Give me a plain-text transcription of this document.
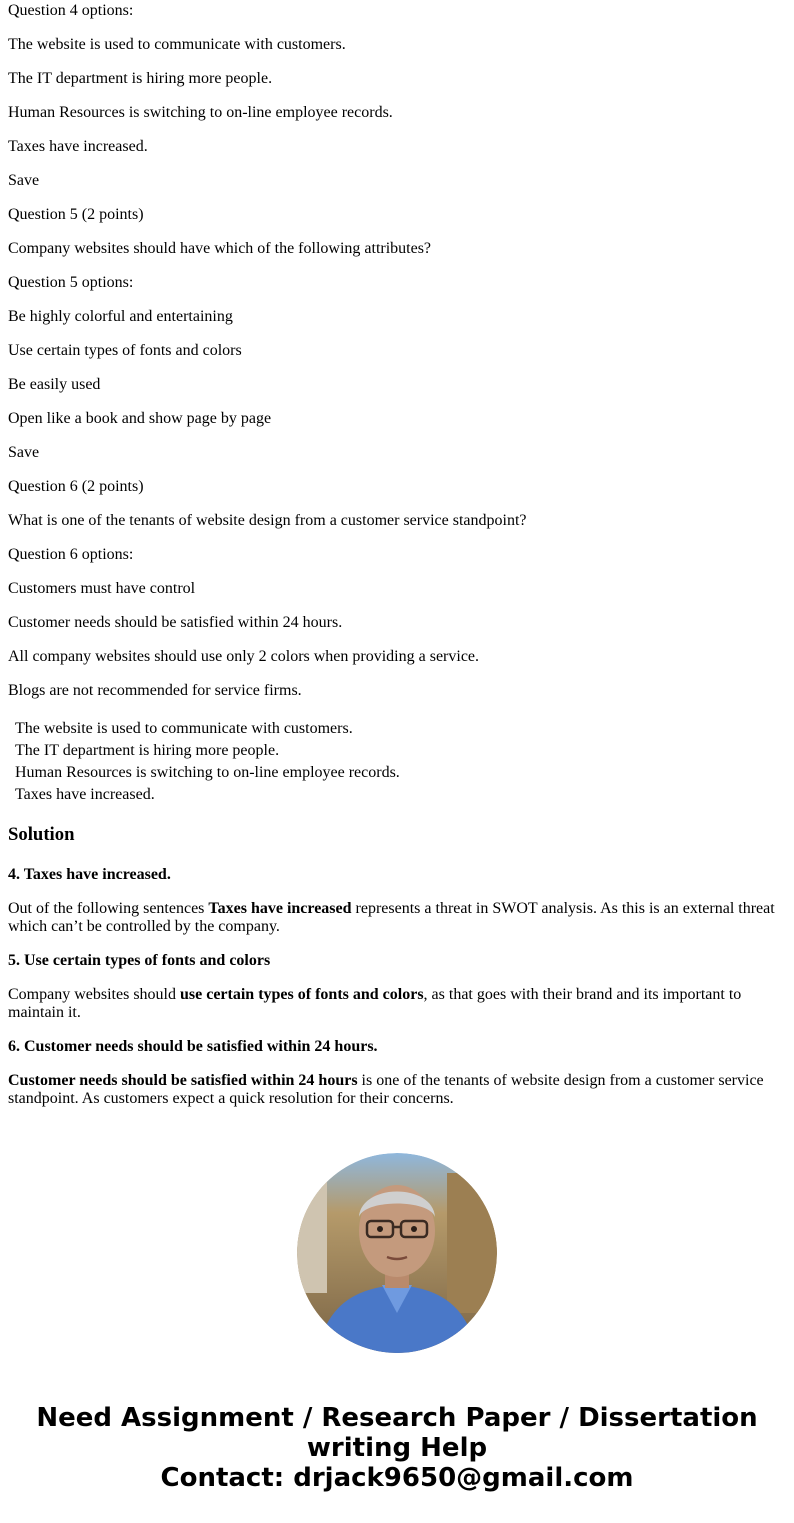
Question 4 options:

The website is used to communicate with customers.

The IT department is hiring more people.

Human Resources is switching to on-line employee records.

Taxes have increased.

Save

Question 5 (2 points)

Company websites should have which of the following attributes?

Question 5 options:

Be highly colorful and entertaining

Use certain types of fonts and colors

Be easily used

Open like a book and show page by page

Save

Question 6 (2 points)

What is one of the tenants of website design from a customer service standpoint?

Question 6 options:

Customers must have control

Customer needs should be satisfied within 24 hours.

All company websites should use only 2 colors when providing a service.

Blogs are not recommended for service firms.

The website is used to communicate with customers.

The IT department is hiring more people.

Human Resources is switching to on-line employee records.

Taxes have increased.

Solution

4. Taxes have increased.

Out of the following sentences Taxes have increased represents a threat in SWOT analysis. As this is an external threat which can’t be controlled by the company.

5. Use certain types of fonts and colors

Company websites should use certain types of fonts and colors, as that goes with their brand and its important to maintain it.

6. Customer needs should be satisfied within 24 hours.

Customer needs should be satisfied within 24 hours is one of the tenants of website design from a customer service standpoint. As customers expect a quick resolution for their concerns.

Need Assignment / Research Paper / Dissertation
writing Help
Contact: drjack9650@gmail.com
